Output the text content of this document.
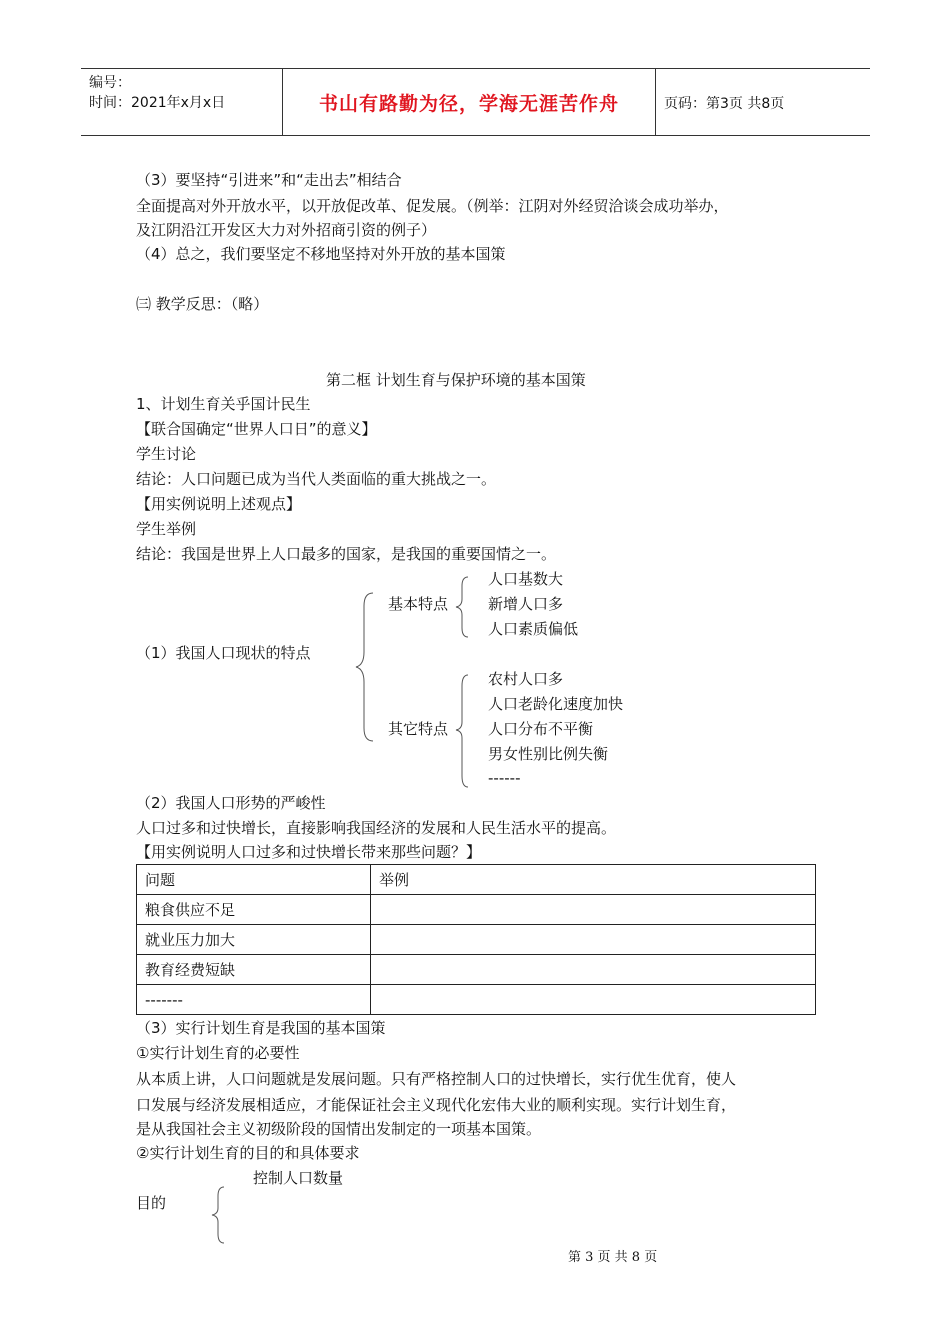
编号：
时间：2021年x月x日	书山有路勤为径，学海无涯苦作舟	页码：第3页 共8页
（3）要坚持“引进来”和“走出去”相结合
全面提高对外开放水平，以开放促改革、促发展。（例举：江阴对外经贸洽谈会成功举办，
及江阴沿江开发区大力对外招商引资的例子）
（4）总之，我们要坚定不移地坚持对外开放的基本国策
㈢ 教学反思：（略）
第二框 计划生育与保护环境的基本国策
1、计划生育关乎国计民生
【联合国确定“世界人口日”的意义】
学生讨论
结论：人口问题已成为当代人类面临的重大挑战之一。
【用实例说明上述观点】
学生举例
结论：我国是世界上人口最多的国家，是我国的重要国情之一。
（1）我国人口现状的特点
基本特点
人口基数大
新增人口多
人口素质偏低
其它特点
农村人口多
人口老龄化速度加快
人口分布不平衡
男女性别比例失衡
------
（2）我国人口形势的严峻性
人口过多和过快增长，直接影响我国经济的发展和人民生活水平的提高。
【用实例说明人口过多和过快增长带来那些问题？】
问题	举例
粮食供应不足	
就业压力加大	
教育经费短缺	
-------	
（3）实行计划生育是我国的基本国策
①实行计划生育的必要性
从本质上讲，人口问题就是发展问题。只有严格控制人口的过快增长，实行优生优育，使人
口发展与经济发展相适应，才能保证社会主义现代化宏伟大业的顺利实现。实行计划生育，
是从我国社会主义初级阶段的国情出发制定的一项基本国策。
②实行计划生育的目的和具体要求
控制人口数量
目的
第 3 页 共 8 页
